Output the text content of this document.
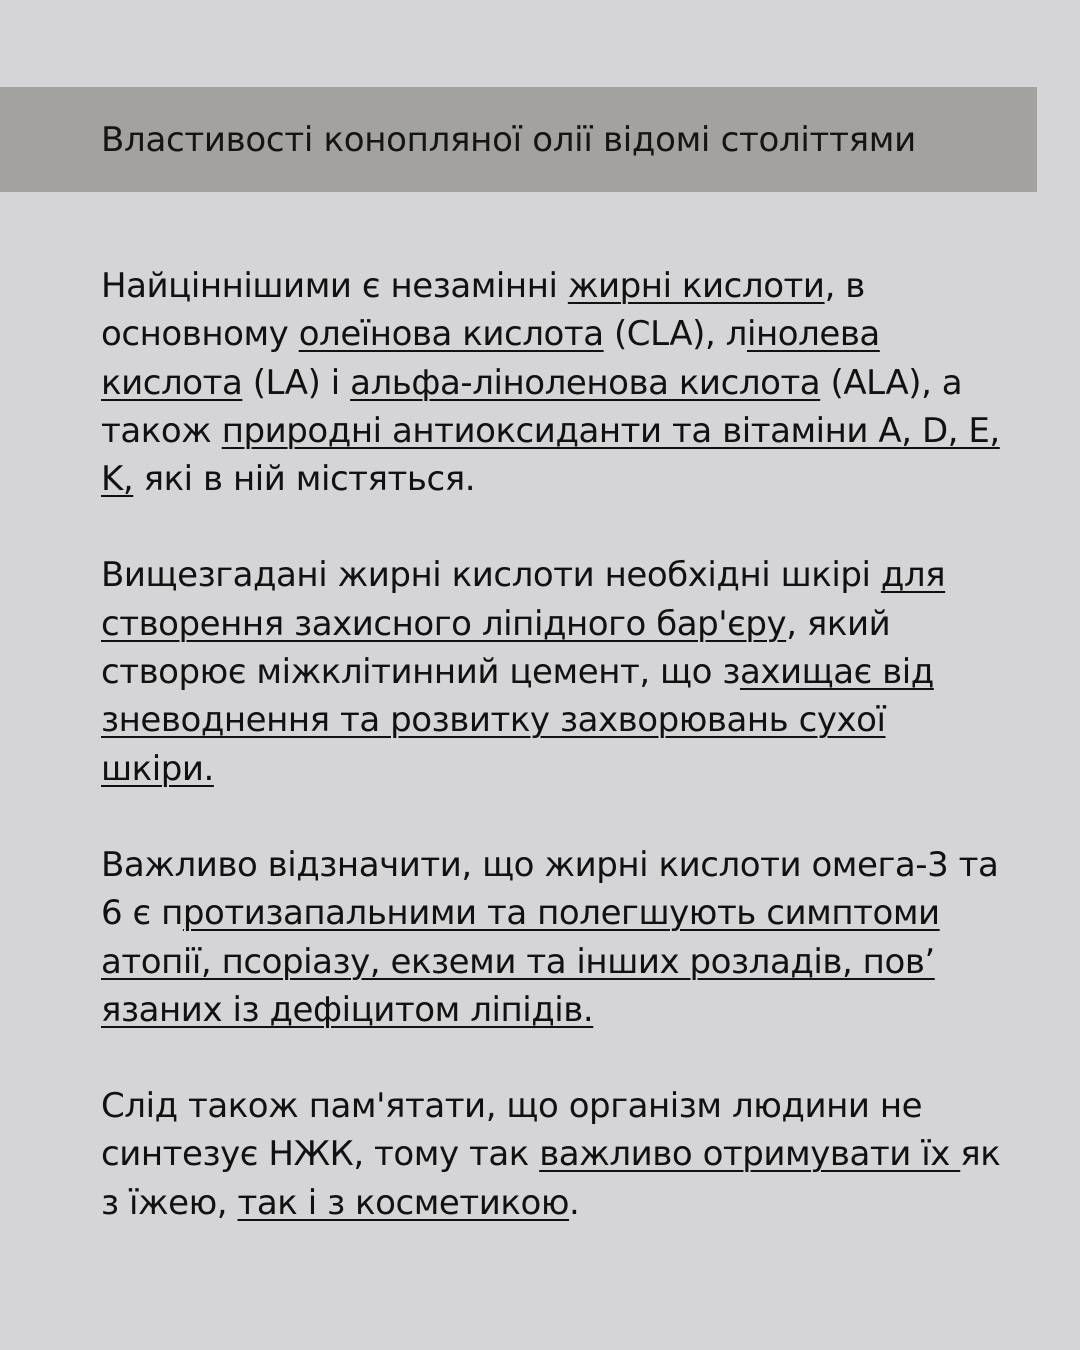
Властивості конопляної олії відомі століттями

Найціннішими є незамінні жирні кислоти, в
основному олеїнова кислота (CLA), лінолева
кислота (LA) і альфа-ліноленова кислота (ALA), а
також природні антиоксиданти та вітаміни A, D, E,
K, які в ній містяться.

Вищезгадані жирні кислоти необхідні шкірі для
створення захисного ліпідного бар'єру, який
створює міжклітинний цемент, що захищає від
зневоднення та розвитку захворювань сухої
шкіри.

Важливо відзначити, що жирні кислоти омега-3 та
6 є протизапальними та полегшують симптоми
атопії, псоріазу, екземи та інших розладів, пов’
язаних із дефіцитом ліпідів.

Слід також пам'ятати, що організм людини не
синтезує НЖК, тому так важливо отримувати їх як
з їжею, так і з косметикою.
